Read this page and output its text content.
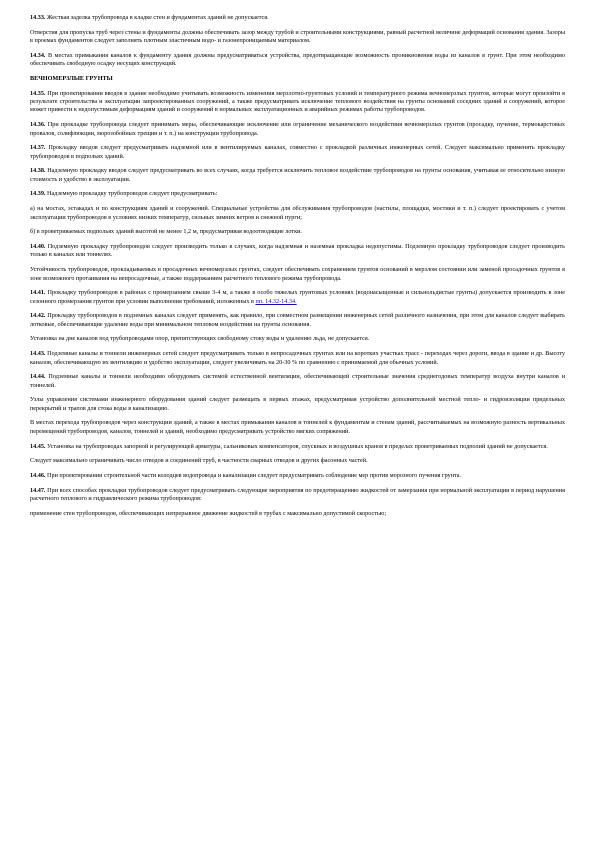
14.33. Жесткая заделка трубопровода в кладке стен и фундаментах зданий не допускается.

Отверстия для пропуска труб через стены и фундаменты должны обеспечивать зазор между трубой и строительными конструкциями, равный расчетной величине деформаций основания здания. Зазоры в проемах фундаментов следует заполнять плотным эластичным водо- и газонепроницаемым материалом.

14.34. В местах примыкания каналов к фундаменту здания должны предусматриваться устройства, предотвращающие возможность проникновения воды из каналов в грунт. При этом необходимо обеспечивать свободную осадку несущих конструкций.

ВЕЧНОМЕРЗЛЫЕ ГРУНТЫ

14.35. При проектировании вводов в здание необходимо учитывать возможность изменения мерзлотно-грунтовых условий и температурного режима вечномерзлых грунтов, которые могут произойти в результате строительства и эксплуатации запроектированных сооружений, а также предусматривать исключение теплового воздействия на грунты оснований соседних зданий и сооружений, которое может привести к недопустимым деформациям зданий и сооружений в нормальных эксплуатационных и аварийных режимах работы трубопроводов.

14.36. При прокладке трубопровода следует принимать меры, обеспечивающие исключение или ограничение механического воздействия вечномерзлых грунтов (просадку, пучение, термокарстовых провалов, солифлюкции, морозобойных трещин и т. п.) на конструкции трубопровода.

14.37. Прокладку вводов следует предусматривать надземной или в вентилируемых каналах, совместно с прокладкой различных инженерных сетей. Следует максимально применять прокладку трубопроводов в подпольях зданий.

14.38. Надземную прокладку вводов следует предусматривать во всех случаях, когда требуется исключить тепловое воздействие трубопроводов на грунты основания, учитывая ее относительно низкую стоимость и удобство в эксплуатации.

14.39. Надземную прокладку трубопроводов следует предусматривать:

а) на мостах, эстакадах и по конструкциям зданий и сооружений. Специальные устройства для обслуживания трубопроводов (настилы, площадки, мостики и т. п.) следует проектировать с учетом эксплуатации трубопроводов в условиях низких температур, сильных зимних ветров и снежной пурги;

б) в проветриваемых подпольях зданий высотой не менее 1,2 м, предусматривая водоотводящие лотки.

14.40. Подземную прокладку трубопроводов следует производить только в случаях, когда надземная и наземная прокладка недопустимы. Подземную прокладку трубопроводов следует производить только в каналах или тоннелях.

Устойчивость трубопроводов, прокладываемых в просадочных вечномерзлых грунтах, следует обеспечивать сохранением грунтов оснований в мерзлом состоянии или заменой просадочных грунтов в зоне возможного протаивания на непросадочные, а также поддержанием расчетного теплового режима трубопровода.

14.41. Прокладку трубопроводов в районах с промерзанием свыше 3-4 м, а также в особо тяжелых грунтовых условиях (водонасыщенные и сильнольдистые грунты) допускается производить в зоне сезонного промерзания грунтов при условии выполнения требований, изложенных в пп. 14.32-14.34.

14.42. Прокладку трубопроводов в подземных каналах следует применять, как правило, при совместном размещении инженерных сетей различного назначения, при этом для каналов следует выбирать лотковые, обеспечивающие удаление воды при минимальном тепловом воздействии на грунты основания.

Установка на дне каналов под трубопроводами опор, препятствующих свободному стоку воды и удалению льда, не допускается.

14.43. Подземные каналы и тоннели инженерных сетей следует предусматривать только в непросадочных грунтах или на коротких участках трасс - переходах через дороги, ввода в здание и др. Высоту каналов, обеспечивающую их вентиляцию и удобство эксплуатации, следует увеличивать на 20-30 % по сравнению с принимаемой для обычных условий.

14.44. Подземные каналы и тоннели необходимо оборудовать системой естественной вентиляции, обеспечивающей строительные значения среднегодовых температур воздуха внутри каналов и тоннелей.

Узлы управления системами инженерного оборудования зданий следует размещать в первых этажах, предусматривая устройство дополнительной местной тепло- и гидроизоляции придельных перекрытий и трапов для стока воды в канализацию.

В местах перехода трубопроводов через конструкции зданий, а также в местах примыкания каналов и тоннелей к фундаментам и стенам зданий, рассчитываемых на возможную разность вертикальных перемещений трубопроводов, каналов, тоннелей и зданий, необходимо предусматривать устройство мягких сопряжений.

14.45. Установка на трубопроводах запорной и регулирующей арматуры, сальниковых компенсаторов, спускных и воздушных кранов в пределах проветриваемых подполий зданий не допускается.

Следует максимально ограничивать число отводов и соединений труб, в частности сварных отводов и других фасонных частей.

14.46. При проектировании строительной части колодцев водопровода и канализации следует предусматривать соблюдение мер против морозного пучения грунта.

14.47. При всех способах прокладки трубопроводов следует предусматривать следующие мероприятия по предотвращению жидкостей от замерзания при нормальной эксплуатации в период нарушения расчетного теплового и гидравлического режима трубопроводов:

применение стен трубопроводов, обеспечивающих непрерывное движение жидкостей в трубах с максимально допустимой скоростью;
